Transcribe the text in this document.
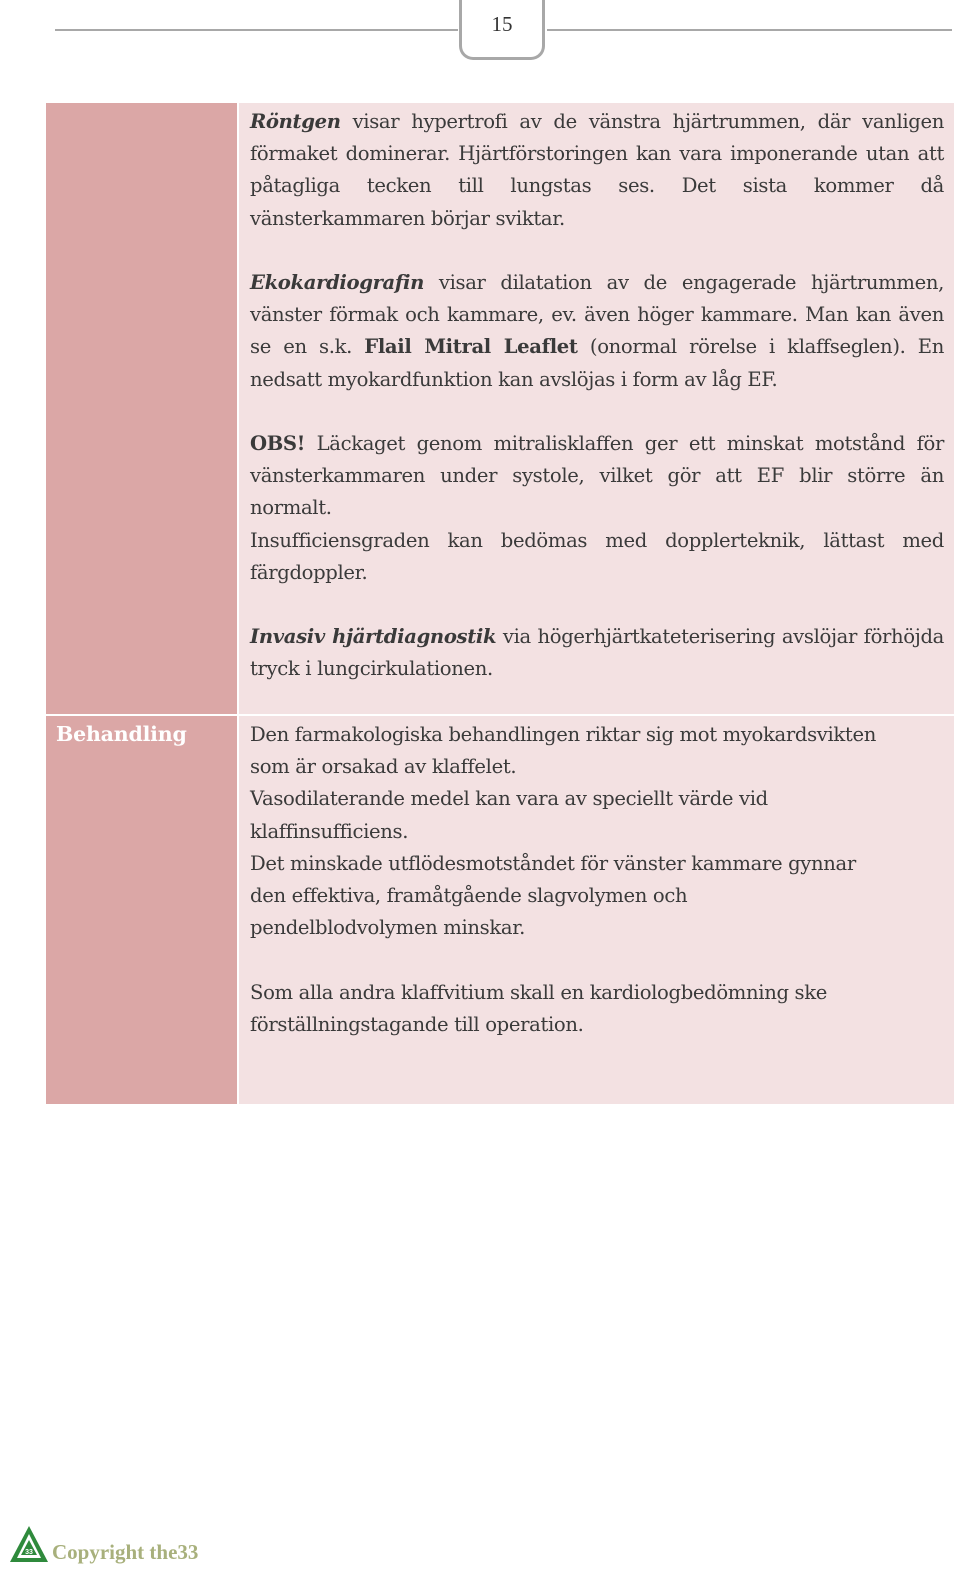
15

Röntgen visar hypertrofi av de vänstra hjärtrummen, där vanligen förmaket dominerar. Hjärtförstoringen kan vara imponerande utan att påtagliga tecken till lungstas ses. Det sista kommer då vänsterkammaren börjar sviktar.

Ekokardiografin visar dilatation av de engagerade hjärtrummen, vänster förmak och kammare, ev. även höger kammare. Man kan även se en s.k. Flail Mitral Leaflet (onormal rörelse i klaffseglen). En nedsatt myokardfunktion kan avslöjas i form av låg EF.

OBS! Läckaget genom mitralisklaffen ger ett minskat motstånd för vänsterkammaren under systole, vilket gör att EF blir större än normalt.

Insufficiensgraden kan bedömas med dopplerteknik, lättast med färgdoppler.

Invasiv hjärtdiagnostik via högerhjärtkateterisering avslöjar förhöjda tryck i lungcirkulationen.

Behandling	Den farmakologiska behandlingen riktar sig mot myokardsvikten
som är orsakad av klaffelet.
Vasodilaterande medel kan vara av speciellt värde vid
klaffinsufficiens.
Det minskade utflödesmotståndet för vänster kammare gynnar
den effektiva, framåtgående slagvolymen och
pendelblodvolymen minskar.

Som alla andra klaffvitium skall en kardiologbedömning ske
förställningstagande till operation.

33 Copyright the33
